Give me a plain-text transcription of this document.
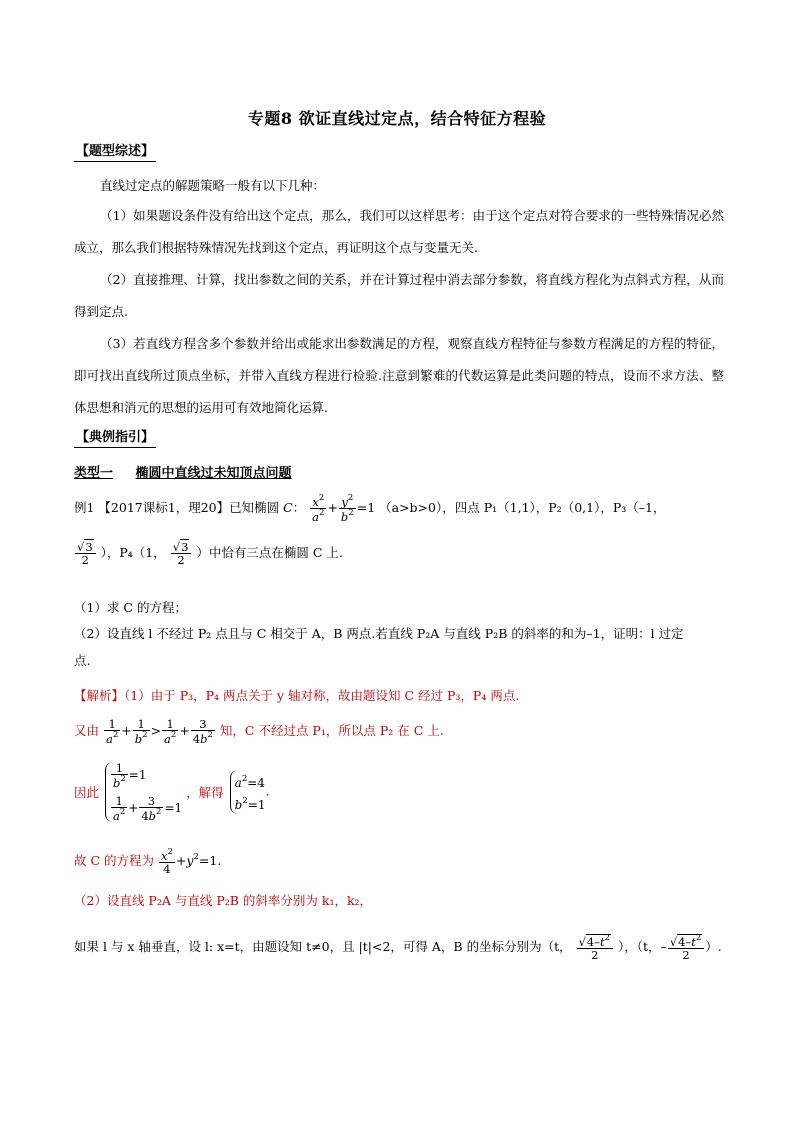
专题8 欲证直线过定点，结合特征方程验
【题型综述】
直线过定点的解题策略一般有以下几种：
（1）如果题设条件没有给出这个定点，那么，我们可以这样思考：由于这个定点对符合要求的一些特殊情况必然成立，那么我们根据特殊情况先找到这个定点，再证明这个点与变量无关.
（2）直接推理、计算，找出参数之间的关系，并在计算过程中消去部分参数，将直线方程化为点斜式方程，从而得到定点.
（3）若直线方程含多个参数并给出或能求出参数满足的方程，观察直线方程特征与参数方程满足的方程的特征，即可找出直线所过顶点坐标，并带入直线方程进行检验.注意到繁难的代数运算是此类问题的特点，设而不求方法、整体思想和消元的思想的运用可有效地简化运算.
【典例指引】
类型一 椭圆中直线过未知顶点问题
例1 【2017课标1，理20】已知椭圆 C： $\frac{x^2}{a^2} + \frac{y^2}{b^2} =1$ （a>b>0），四点 P₁（1,1），P₂（0,1），P₃（–1，
$\frac{√3}{2}$ ），P₄（1， $\frac{√3}{2}$ ）中恰有三点在椭圆 C 上.
（1）求 C 的方程；
（2）设直线 l 不经过 P₂ 点且与 C 相交于 A，B 两点.若直线 P₂A 与直线 P₂B 的斜率的和为–1，证明：l 过定
点.
【解析】（1）由于 P₃，P₄ 两点关于 y 轴对称，故由题设知 C 经过 P₃，P₄ 两点.
又由 $\frac{1}{a^2} + \frac{1}{b^2} > \frac{1}{a^2} + \frac{3}{4b^2}$ 知，C 不经过点 P₁，所以点 P₂ 在 C 上.
因此
$\frac{1}{b^2} =1$
$\frac{1}{a^2} + \frac{3}{4b^2} =1$
，解得
$a^2=4$
$b^2=1$
.
故 C 的方程为 $\frac{x^2}{4} +y^2=1$.
（2）设直线 P₂A 与直线 P₂B 的斜率分别为 k₁，k₂，
如果 l 与 x 轴垂直，设 l: x=t，由题设知 t≠0，且 |t|<2，可得 A，B 的坐标分别为（t， $\frac{√4-t^2}{2}$ ），（t，– $\frac{√4-t^2}{2}$ ）.
